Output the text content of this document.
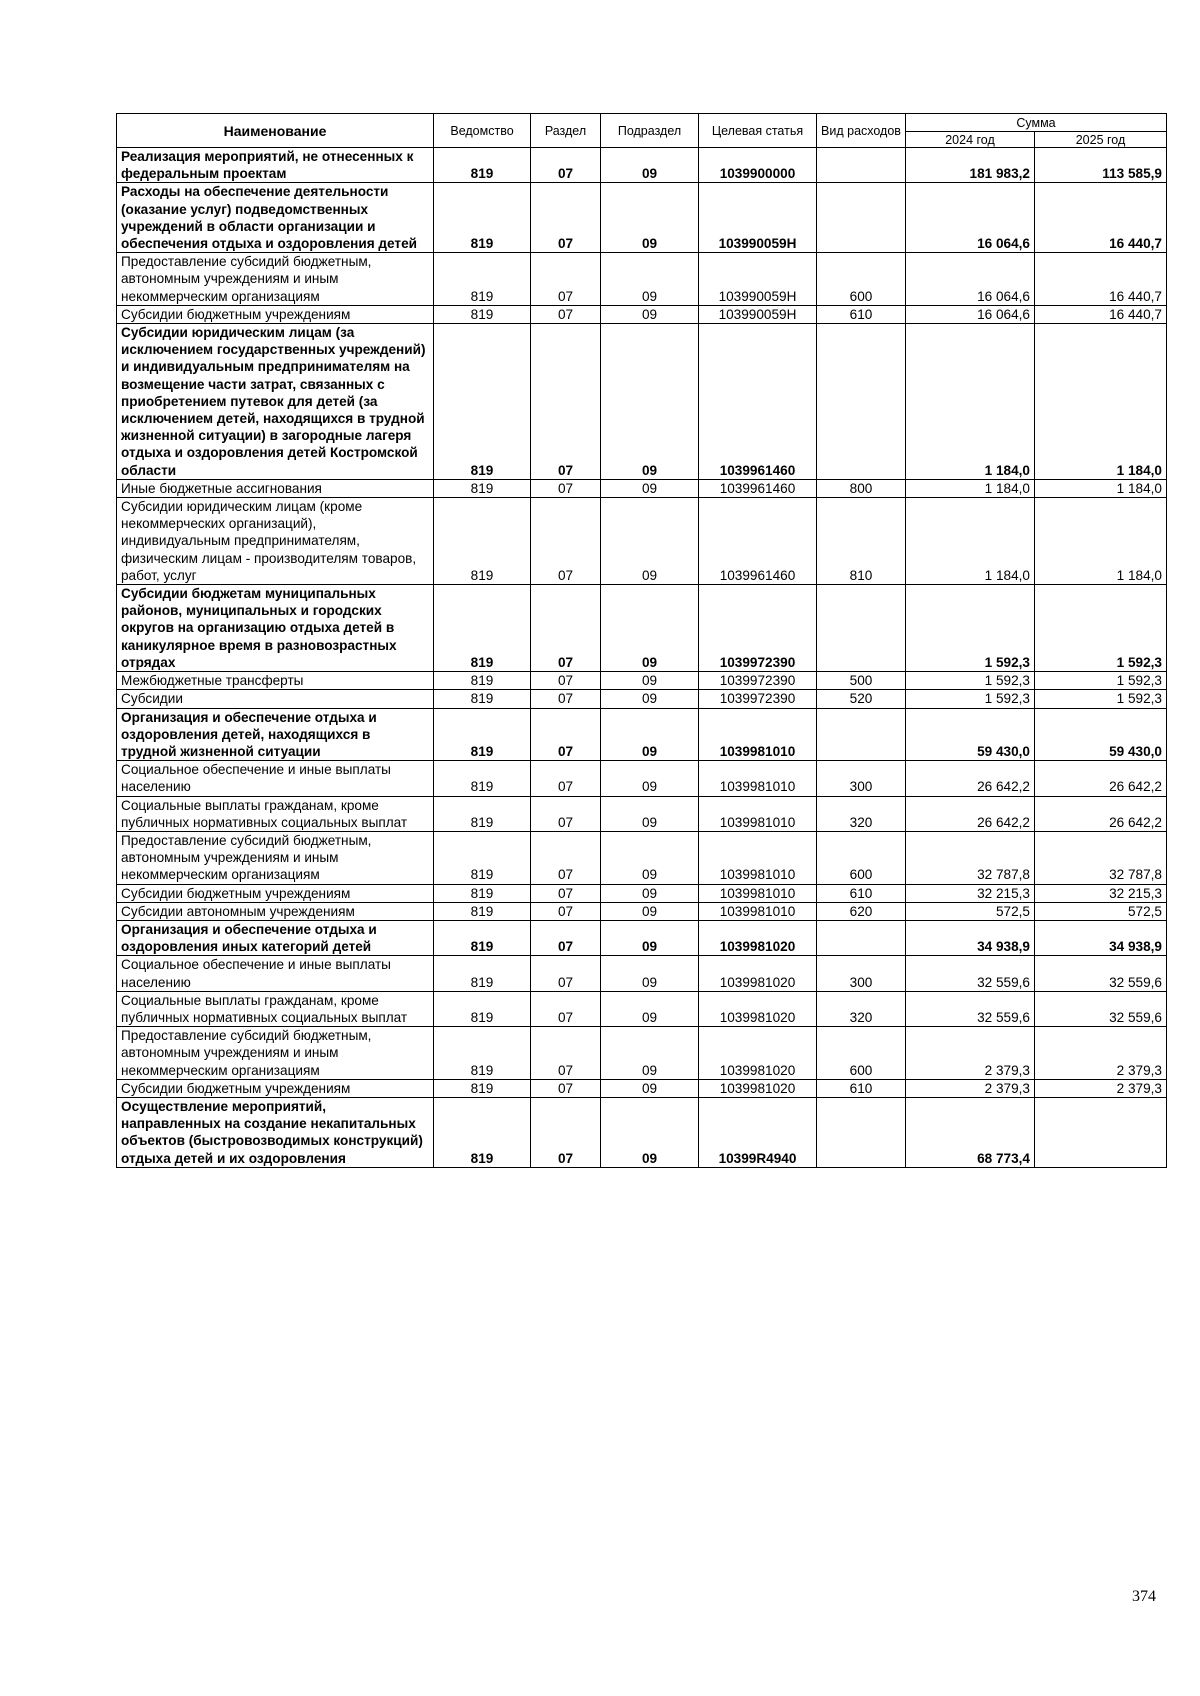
Наименование	Ведомство	Раздел	Подраздел	Целевая статья	Вид расходов	Сумма	
						2024 год	2025 год
Реализация мероприятий, не отнесенных к федеральным проектам	819	07	09	1039900000		181 983,2	113 585,9
Расходы на обеспечение деятельности (оказание услуг) подведомственных учреждений в области организации и обеспечения отдыха и оздоровления детей	819	07	09	103990059H		16 064,6	16 440,7
Предоставление субсидий бюджетным, автономным учреждениям и иным некоммерческим организациям	819	07	09	103990059H	600	16 064,6	16 440,7
Субсидии бюджетным учреждениям	819	07	09	103990059H	610	16 064,6	16 440,7
Субсидии юридическим лицам (за исключением государственных учреждений) и индивидуальным предпринимателям на возмещение части затрат, связанных с приобретением путевок для детей (за исключением детей, находящихся в трудной жизненной ситуации) в загородные лагеря отдыха и оздоровления детей Костромской области	819	07	09	1039961460		1 184,0	1 184,0
Иные бюджетные ассигнования	819	07	09	1039961460	800	1 184,0	1 184,0
Субсидии юридическим лицам (кроме некоммерческих организаций), индивидуальным предпринимателям, физическим лицам - производителям товаров, работ, услуг	819	07	09	1039961460	810	1 184,0	1 184,0
Субсидии бюджетам муниципальных районов, муниципальных и городских округов на организацию отдыха детей в каникулярное время в разновозрастных отрядах	819	07	09	1039972390		1 592,3	1 592,3
Межбюджетные трансферты	819	07	09	1039972390	500	1 592,3	1 592,3
Субсидии	819	07	09	1039972390	520	1 592,3	1 592,3
Организация и обеспечение отдыха и оздоровления детей, находящихся в трудной жизненной ситуации	819	07	09	1039981010		59 430,0	59 430,0
Социальное обеспечение и иные выплаты населению	819	07	09	1039981010	300	26 642,2	26 642,2
Социальные выплаты гражданам, кроме публичных нормативных социальных выплат	819	07	09	1039981010	320	26 642,2	26 642,2
Предоставление субсидий бюджетным, автономным учреждениям и иным некоммерческим организациям	819	07	09	1039981010	600	32 787,8	32 787,8
Субсидии бюджетным учреждениям	819	07	09	1039981010	610	32 215,3	32 215,3
Субсидии автономным учреждениям	819	07	09	1039981010	620	572,5	572,5
Организация и обеспечение отдыха и оздоровления иных категорий детей	819	07	09	1039981020		34 938,9	34 938,9
Социальное обеспечение и иные выплаты населению	819	07	09	1039981020	300	32 559,6	32 559,6
Социальные выплаты гражданам, кроме публичных нормативных социальных выплат	819	07	09	1039981020	320	32 559,6	32 559,6
Предоставление субсидий бюджетным, автономным учреждениям и иным некоммерческим организациям	819	07	09	1039981020	600	2 379,3	2 379,3
Субсидии бюджетным учреждениям	819	07	09	1039981020	610	2 379,3	2 379,3
Осуществление мероприятий, направленных на создание некапитальных объектов (быстровозводимых конструкций) отдыха детей и их оздоровления	819	07	09	10399R4940		68 773,4	
374
